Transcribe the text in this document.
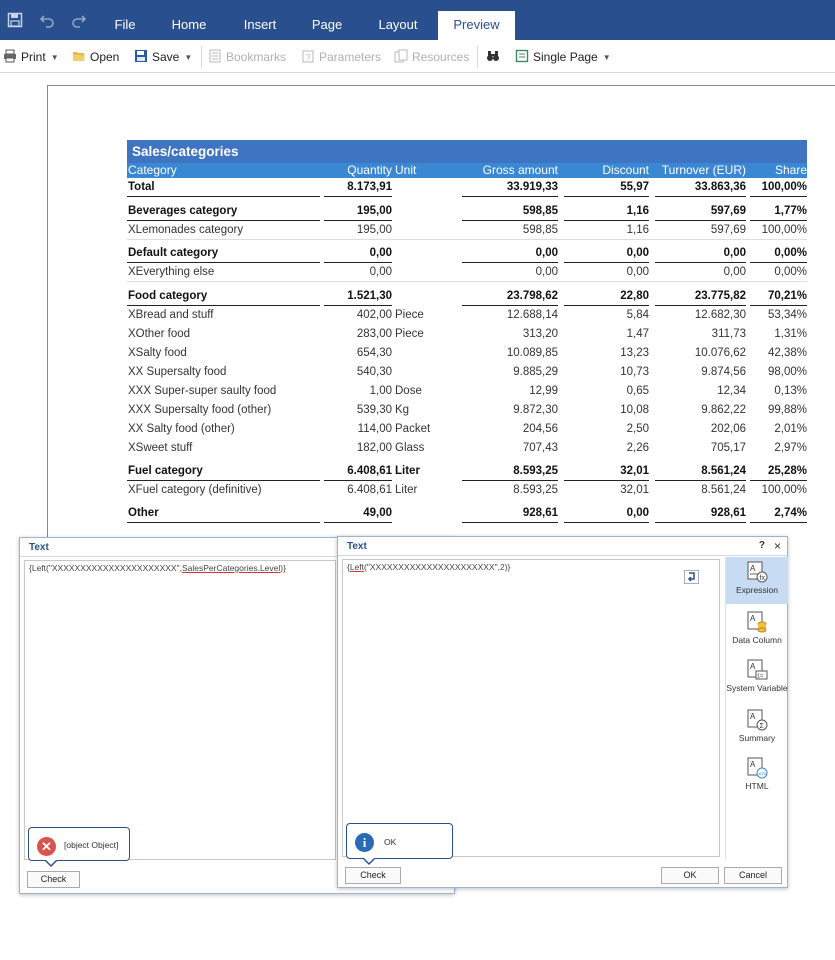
File	Home	Insert	Page	Layout	Preview
Print ▼	Open	Save ▼	Bookmarks ? Parameters	Resources	Single Page ▼
Sales/categories
Category	Quantity Unit	Gross amount	Discount Turnover (EUR) Share
Total	8.173,91	33.919,33	55,97	33.863,36 100,00%
Beverages category	195,00	598,85	1,16	597,69 1,77%
XLemonades category	195,00	598,85	1,16	597,69 100,00%
Default category	0,00	0,00	0,00	0,00 0,00%
XEverything else	0,00	0,00	0,00	0,00 0,00%
Food category	1.521,30	23.798,62	22,80	23.775,82 70,21%
XBread and stuff	402,00 Piece	12.688,14	5,84	12.682,30 53,34%
XOther food	283,00 Piece	313,20	1,47	311,73 1,31%
XSalty food	654,30	10.089,85	13,23	10.076,62 42,38%
XX Supersalty food	540,30	9.885,29	10,73	9.874,56 98,00%
XXX Super-super saulty food	1,00 Dose	12,99	0,65	12,34 0,13%
XXX Supersalty food (other)	539,30 Kg	9.872,30	10,08	9.862,22 99,88%
XX Salty food (other)	114,00 Packet	204,56	2,50	202,06 2,01%
XSweet stuff	182,00 Glass	707,43	2,26	705,17 2,97%
Fuel category	6.408,61 Liter	8.593,25	32,01	8.561,24 25,28%
XFuel category (definitive)	6.408,61 Liter	8.593,25	32,01	8.561,24 100,00%
Other	49,00	928,61	0,00	928,61 2,74%
Text
{Left("XXXXXXXXXXXXXXXXXXXXXX",SalesPerCategories.Level)}
✕	[object Object]
Check
Text	? ×
{Left("XXXXXXXXXXXXXXXXXXXXXX",2)}	A
fx
Expression
A
Data Column
A
1=
System Variable
A
Σ
Summary
A
</>
HTML
i	OK
Check	OK	Cancel
